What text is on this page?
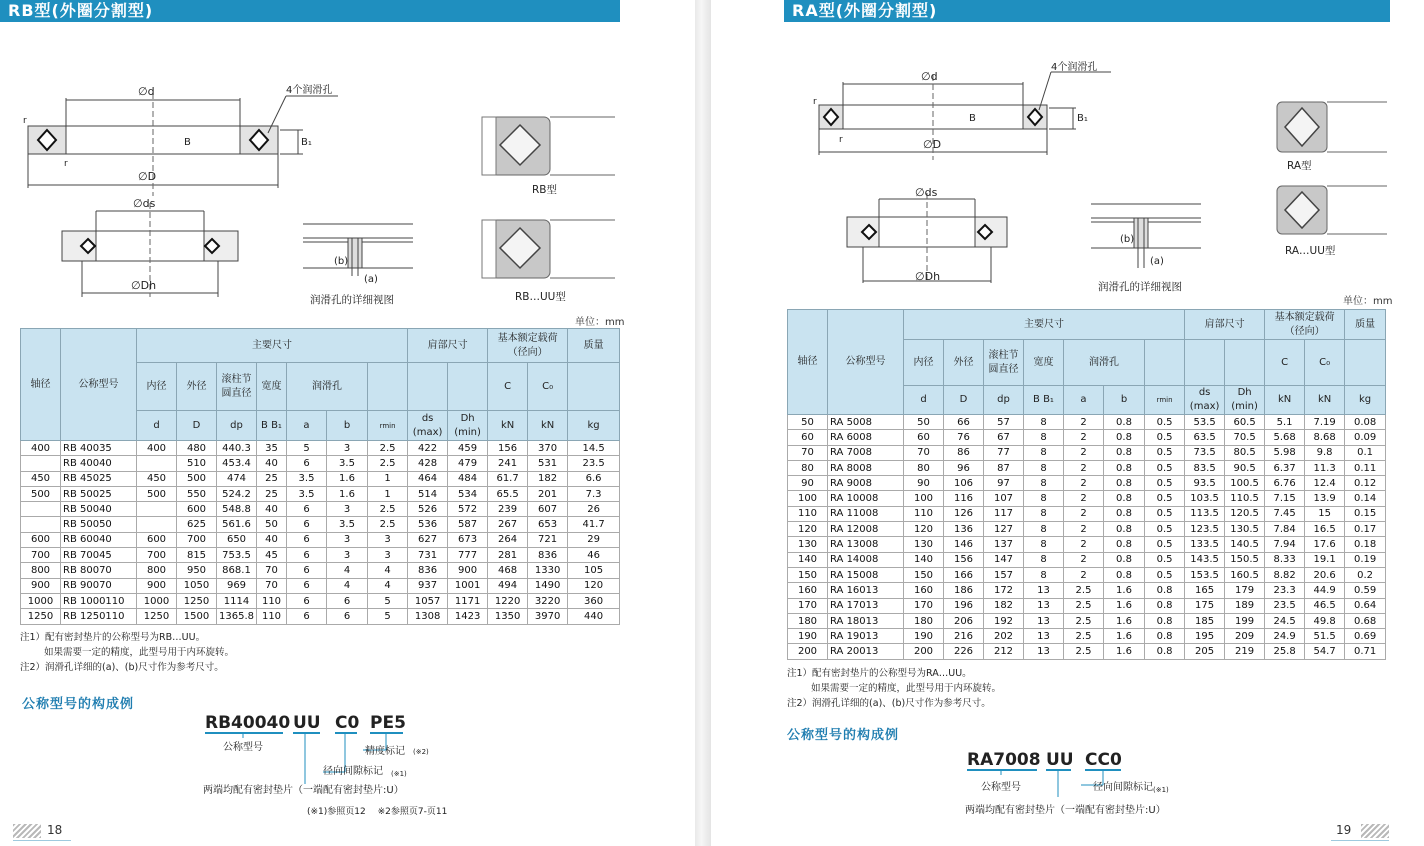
RB型(外圈分割型)
∅d
∅D
B	B₁
r
r
4个润滑孔
∅ds
∅Dh
(b)
(a)
润滑孔的详细视图
RB型
RB…UU型
单位：mm
轴径	公称型号	主要尺寸							肩部尺寸		基本额定载荷（径向）		质量
		内径	外径	滚柱节圆直径	宽度	润滑孔					C	C₀	
		d	D	dp	B B₁	a	b	rmin	ds (max)	Dh (min)	kN	kN	kg
400	RB 40035	400	480	440.3	35	5	3	2.5	422	459	156	370	14.5
	RB 40040		510	453.4	40	6	3.5	2.5	428	479	241	531	23.5
450	RB 45025	450	500	474	25	3.5	1.6	1	464	484	61.7	182	6.6
500	RB 50025	500	550	524.2	25	3.5	1.6	1	514	534	65.5	201	7.3
	RB 50040		600	548.8	40	6	3	2.5	526	572	239	607	26
	RB 50050		625	561.6	50	6	3.5	2.5	536	587	267	653	41.7
600	RB 60040	600	700	650	40	6	3	3	627	673	264	721	29
700	RB 70045	700	815	753.5	45	6	3	3	731	777	281	836	46
800	RB 80070	800	950	868.1	70	6	4	4	836	900	468	1330	105
900	RB 90070	900	1050	969	70	6	4	4	937	1001	494	1490	120
1000	RB 1000110	1000	1250	1114	110	6	6	5	1057	1171	1220	3220	360
1250	RB 1250110	1250	1500	1365.8	110	6	6	5	1308	1423	1350	3970	440
注1）配有密封垫片的公称型号为RB…UU。
如果需要一定的精度，此型号用于内环旋转。
注2）润滑孔详细的(a)、(b)尺寸作为参考尺寸。
公称型号的构成例
RB40040 UU C0 PE5
公称型号	精度标记 (※2)
径向间隙标记 (※1)
两端均配有密封垫片（一端配有密封垫片:U）
(※1)参照页12　 ※2参照页7-页11
18
RA型(外圈分割型)
∅d
∅D
B	B₁
r
r
4个润滑孔
∅ds
∅Dh
(b)
(a)
润滑孔的详细视图
RA型
RA…UU型
单位：mm
轴径	公称型号	主要尺寸							肩部尺寸		基本额定载荷（径向）		质量
		内径	外径	滚柱节圆直径	宽度	润滑孔					C	C₀	
		d	D	dp	B B₁	a	b	rmin	ds (max)	Dh (min)	kN	kN	kg
50	RA 5008	50	66	57	8	2	0.8	0.5	53.5	60.5	5.1	7.19	0.08
60	RA 6008	60	76	67	8	2	0.8	0.5	63.5	70.5	5.68	8.68	0.09
70	RA 7008	70	86	77	8	2	0.8	0.5	73.5	80.5	5.98	9.8	0.1
80	RA 8008	80	96	87	8	2	0.8	0.5	83.5	90.5	6.37	11.3	0.11
90	RA 9008	90	106	97	8	2	0.8	0.5	93.5	100.5	6.76	12.4	0.12
100	RA 10008	100	116	107	8	2	0.8	0.5	103.5	110.5	7.15	13.9	0.14
110	RA 11008	110	126	117	8	2	0.8	0.5	113.5	120.5	7.45	15	0.15
120	RA 12008	120	136	127	8	2	0.8	0.5	123.5	130.5	7.84	16.5	0.17
130	RA 13008	130	146	137	8	2	0.8	0.5	133.5	140.5	7.94	17.6	0.18
140	RA 14008	140	156	147	8	2	0.8	0.5	143.5	150.5	8.33	19.1	0.19
150	RA 15008	150	166	157	8	2	0.8	0.5	153.5	160.5	8.82	20.6	0.2
160	RA 16013	160	186	172	13	2.5	1.6	0.8	165	179	23.3	44.9	0.59
170	RA 17013	170	196	182	13	2.5	1.6	0.8	175	189	23.5	46.5	0.64
180	RA 18013	180	206	192	13	2.5	1.6	0.8	185	199	24.5	49.8	0.68
190	RA 19013	190	216	202	13	2.5	1.6	0.8	195	209	24.9	51.5	0.69
200	RA 20013	200	226	212	13	2.5	1.6	0.8	205	219	25.8	54.7	0.71
注1）配有密封垫片的公称型号为RA…UU。
如果需要一定的精度，此型号用于内环旋转。
注2）润滑孔详细的(a)、(b)尺寸作为参考尺寸。
公称型号的构成例
RA7008 UU CC0
公称型号	径向间隙标记 (※1)
两端均配有密封垫片（一端配有密封垫片:U）
19
